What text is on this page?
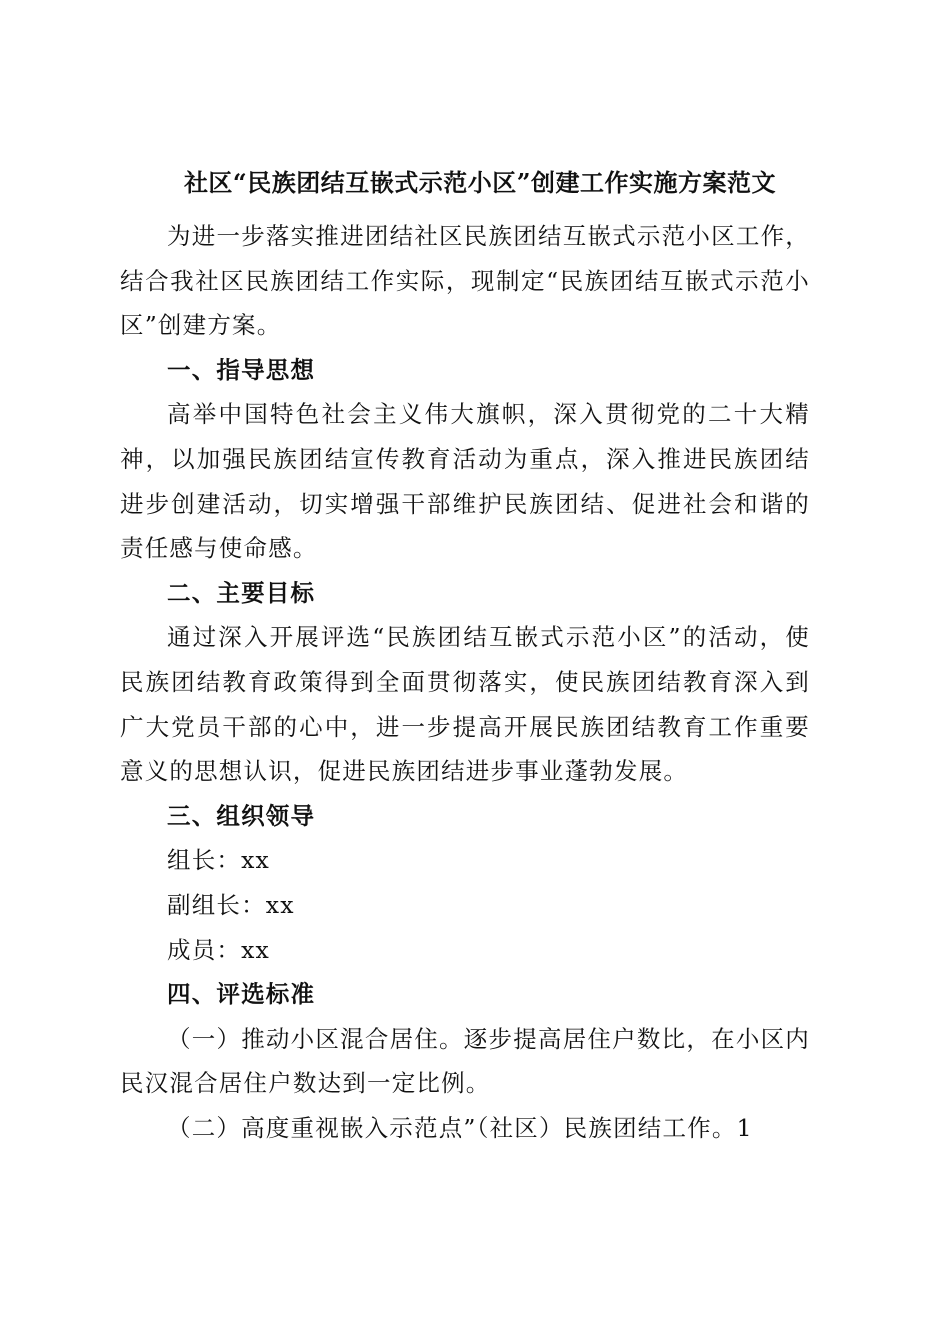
社区“民族团结互嵌式示范小区”创建工作实施方案范文

为进一步落实推进团结社区民族团结互嵌式示范小区工作，结合我社区民族团结工作实际，现制定“民族团结互嵌式示范小区”创建方案。

一、指导思想

高举中国特色社会主义伟大旗帜，深入贯彻党的二十大精神，以加强民族团结宣传教育活动为重点，深入推进民族团结进步创建活动，切实增强干部维护民族团结、促进社会和谐的责任感与使命感。

二、主要目标

通过深入开展评选“民族团结互嵌式示范小区”的活动，使民族团结教育政策得到全面贯彻落实，使民族团结教育深入到广大党员干部的心中，进一步提高开展民族团结教育工作重要意义的思想认识，促进民族团结进步事业蓬勃发展。

三、组织领导

组长：xx

副组长：xx

成员：xx

四、评选标准

（一）推动小区混合居住。逐步提高居住户数比，在小区内民汉混合居住户数达到一定比例。

（二）高度重视嵌入示范点”（社区）民族团结工作。1
